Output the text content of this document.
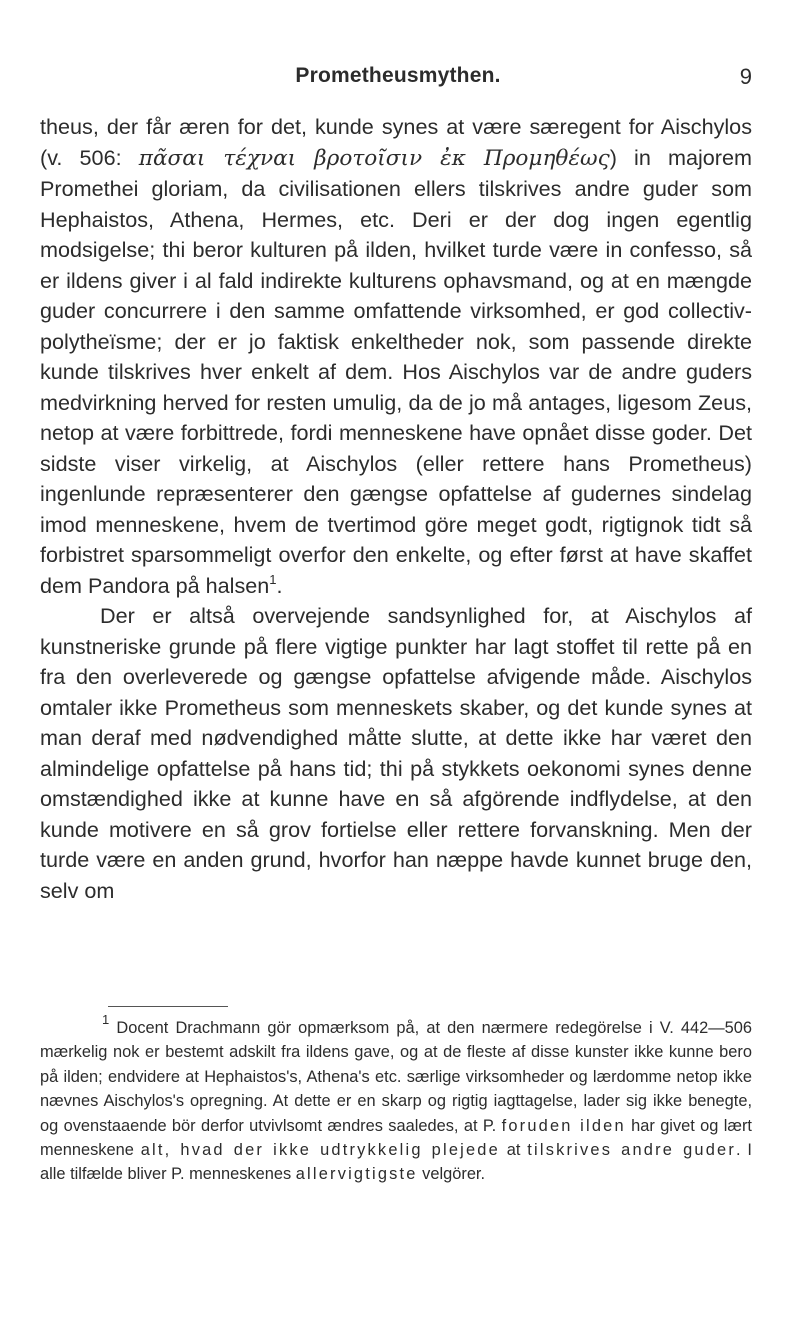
Prometheusmythen.	9

theus, der får æren for det, kunde synes at være særegent for Aischylos (v. 506: πᾶσαι τέχναι βροτοῖσιν ἐκ Προμηθέως) in majorem Promethei gloriam, da civilisationen ellers tilskrives andre guder som Hephaistos, Athena, Hermes, etc. Deri er der dog ingen egentlig modsigelse; thi beror kulturen på ilden, hvilket turde være in confesso, så er ildens giver i al fald indirekte kulturens ophavsmand, og at en mængde guder concurrere i den samme omfattende virksomhed, er god collectiv-polytheïsme; der er jo faktisk enkeltheder nok, som passende direkte kunde tilskrives hver enkelt af dem. Hos Aischylos var de andre guders medvirkning herved for resten umulig, da de jo må antages, ligesom Zeus, netop at være forbittrede, fordi menneskene have opnået disse goder. Det sidste viser virkelig, at Aischylos (eller rettere hans Prometheus) ingenlunde repræsenterer den gængse opfattelse af gudernes sindelag imod menneskene, hvem de tvertimod göre meget godt, rigtignok tidt så forbistret sparsommeligt overfor den enkelte, og efter først at have skaffet dem Pandora på halsen$^1$.

Der er altså overvejende sandsynlighed for, at Aischylos af kunstneriske grunde på flere vigtige punkter har lagt stoffet til rette på en fra den overleverede og gængse opfattelse afvigende måde. Aischylos omtaler ikke Prometheus som menneskets skaber, og det kunde synes at man deraf med nødvendighed måtte slutte, at dette ikke har været den almindelige opfattelse på hans tid; thi på stykkets oekonomi synes denne omstændighed ikke at kunne have en så afgörende indflydelse, at den kunde motivere en så grov fortielse eller rettere forvanskning. Men der turde være en anden grund, hvorfor han næppe havde kunnet bruge den, selv om

$^1$ Docent Drachmann gör opmærksom på, at den nærmere redegörelse i V. 442—506 mærkelig nok er bestemt adskilt fra ildens gave, og at de fleste af disse kunster ikke kunne bero på ilden; endvidere at Hephaistos's, Athena's etc. særlige virksomheder og lærdomme netop ikke nævnes Aischylos's opregning. At dette er en skarp og rigtig iagttagelse, lader sig ikke benegte, og ovenstaaende bör derfor utvivlsomt ændres saaledes, at P. foruden ilden har givet og lært menneskene alt, hvad der ikke udtrykkelig plejede at tilskrives andre guder. I alle tilfælde bliver P. menneskenes allervigtigste velgörer.
